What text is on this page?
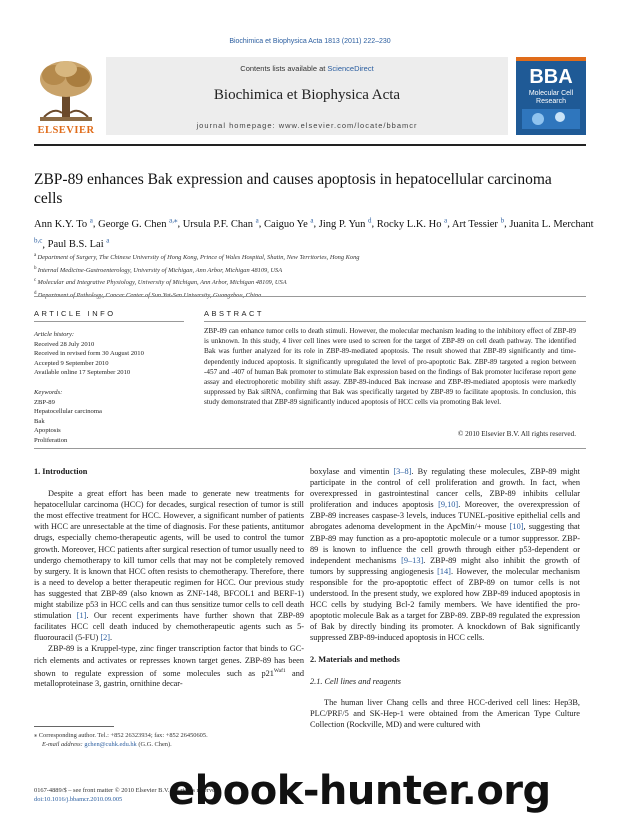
Biochimica et Biophysica Acta 1813 (2011) 222–230
ELSEVIER
Contents lists available at ScienceDirect
Biochimica et Biophysica Acta
journal homepage: www.elsevier.com/locate/bbamcr
BBA
Molecular Cell
Research
ZBP-89 enhances Bak expression and causes apoptosis in hepatocellular carcinoma cells
Ann K.Y. To $^a$, George G. Chen $^{a,⁎}$, Ursula P.F. Chan $^a$, Caiguo Ye $^a$, Jing P. Yun $^d$, Rocky L.K. Ho $^a$, Art Tessier $^b$, Juanita L. Merchant $^{b,c}$, Paul B.S. Lai $^a$
$^a$ Department of Surgery, The Chinese University of Hong Kong, Prince of Wales Hospital, Shatin, New Territories, Hong Kong
$^b$ Internal Medicine-Gastroenterology, University of Michigan, Ann Arbor, Michigan 48109, USA
$^c$ Molecular and Integrative Physiology, University of Michigan, Ann Arbor, Michigan 48109, USA
$^d$
ARTICLE INFO	ABSTRACT
Article history:
Received 28 July 2010
Received in revised form 30 August 2010
Accepted 9 September 2010
Available online 17 September 2010
Keywords:
ZBP-89
Hepatocellular carcinoma
Bak
Apoptosis
Proliferation
ZBP-89 can enhance tumor cells to death stimuli. However, the molecular mechanism leading to the inhibitory effect of ZBP-89 is unknown. In this study, 4 liver cell lines were used to screen for the target of ZBP-89 on cell death pathway. The identified Bak was further analyzed for its role in ZBP-89-mediated apoptosis. The result showed that ZBP-89 significantly and time-dependently induced apoptosis. It significantly upregulated the level of pro-apoptotic Bak. ZBP-89 targeted a region between -457 and -407 of human Bak promoter to stimulate Bak expression based on the findings of Bak promoter luciferase report gene assay and electrophoretic mobility shift assay. ZBP-89-induced Bak increase and ZBP-89-mediated apoptosis were markedly suppressed by Bak siRNA, confirming that Bak was specifically targeted by ZBP-89 to facilitate apoptosis. In conclusion, this study demonstrated that ZBP-89 significantly induced apoptosis of HCC cells via promoting Bak level.
© 2010 Elsevier B.V. All rights reserved.
1. Introduction

Despite a great effort has been made to generate new treatments for hepatocellular carcinoma (HCC) for decades, surgical resection of tumor is still the most effective treatment for HCC. However, a significant number of patients with HCC are unresectable at the time of diagnosis. For these patients, antitumor drugs, especially chemo-therapeutic agents, will be used to control the tumor growth. Moreover, HCC patients after surgical resection of tumor usually need to undergo chemotherapy to kill tumor cells that may not be completely removed by surgery. It is known that HCC often resists to chemotherapy. Therefore, there is a need to develop a better therapeutic regimen for HCC. Our previous study has suggested that ZBP-89 (also known as ZNF-148, BFCOL1 and BERF-1) might stabilize p53 in HCC cells and can thus sensitize tumor cells to cell death stimulation [1]. Our recent experiments have further shown that ZBP-89 facilitates HCC cell death induced by chemotherapeutic agents such as 5-fluorouracil (5-FU) [2].

ZBP-89 is a Kruppel-type, zinc finger transcription factor that binds to GC-rich elements and activates or represses known target genes. ZBP-89 has been shown to regulate expression of some molecules such as $p21^{Waf1}$ and metalloproteinase 3, gastrin, ornithine decar-

boxylase and vimentin [3–8]. By regulating these molecules, ZBP-89 might participate in the control of cell proliferation and growth. In fact, when overexpressed in gastrointestinal cancer cells, ZBP-89 inhibits cellular proliferation and induces apoptosis [9,10]. Moreover, the overexpression of ZBP-89 increases caspase-3 levels, induces TUNEL-positive epithelial cells and abrogates adenoma development in the ApcMin/+ mouse [10], suggesting that ZBP-89 may function as a pro-apoptotic molecule or a tumor suppressor. ZBP-89 is known to influence the cell growth through either p53-dependent or independent mechanisms [9–13]. ZBP-89 might also inhibit the growth of tumors by suppressing angiogenesis [14]. However, the molecular mechanism responsible for the pro-apoptotic effect of ZBP-89 on tumor cells is not understood. In the present study, we explored how ZBP-89 induced apoptosis in HCC cells by studying Bcl-2 family members. We have identified the pro-apoptotic molecule Bak as a target for ZBP-89. ZBP-89 regulated the expression of Bak by directly binding its promoter. A knockdown of Bak significantly suppressed ZBP-89-induced apoptosis in HCC cells.

2. Materials and methods
2.1. Cell lines and reagents

The human liver Chang cells and three HCC-derived cell lines: Hep3B, PLC/PRF/5 and SK-Hep-1 were obtained from the American Type Culture Collection (Rockville, MD) and were cultured with

⁎ Corresponding author. Tel.: +852 26323934; fax: +852 26450605.
E-mail address: gchen@cuhk.edu.hk (G.G. Chen).
0167-4889/$ – see front matter © 2010 Elsevier B.V. All rights reserved.
doi:10.1016/j.bbamcr.2010.09.005	ebook-hunter.org
